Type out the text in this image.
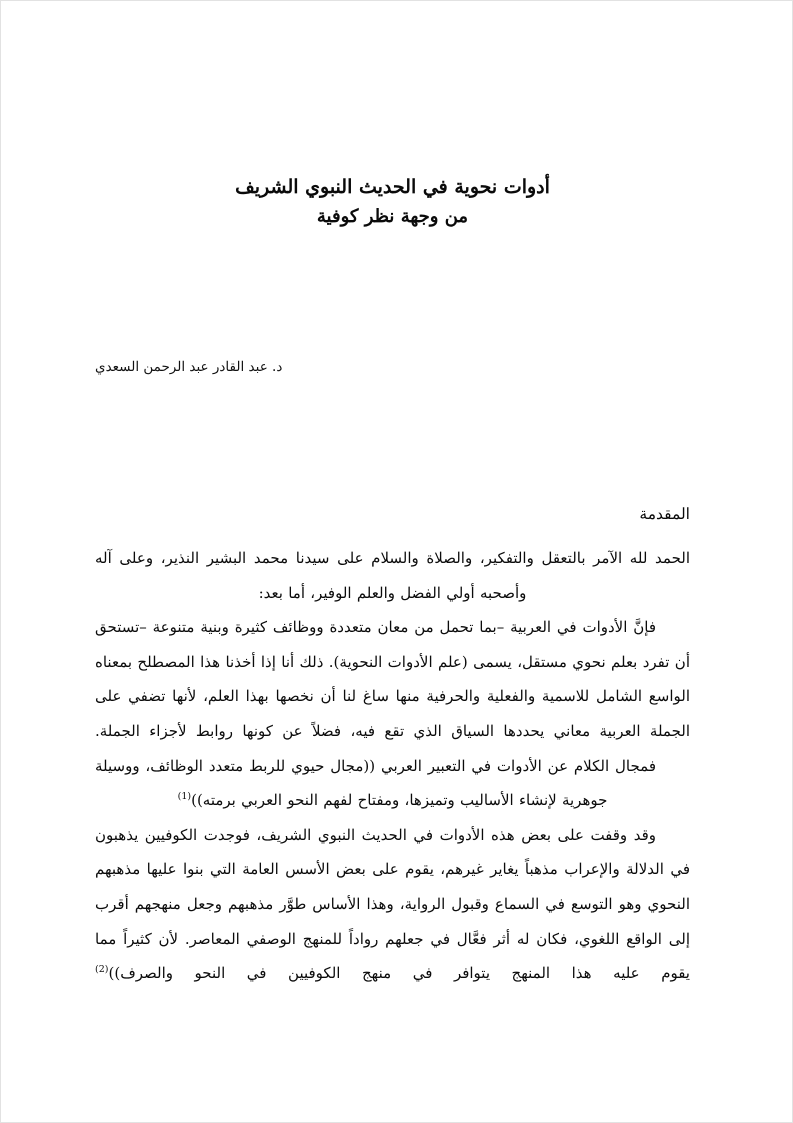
أدوات نحوية في الحديث النبوي الشريف
من وجهة نظر كوفية
د. عبد القادر عبد الرحمن السعدي
المقدمة

الحمد لله الآمر بالتعقل والتفكير، والصلاة والسلام على سيدنا محمد البشير النذير، وعلى آله وأصحبه أولي الفضل والعلم الوفير، أما بعد:

فإنَّ الأدوات في العربية –بما تحمل من معان متعددة ووظائف كثيرة وبنية متنوعة –تستحق أن تفرد بعلم نحوي مستقل، يسمى (علم الأدوات النحوية). ذلك أنا إذا أخذنا هذا المصطلح بمعناه الواسع الشامل للاسمية والفعلية والحرفية منها ساغ لنا أن نخصها بهذا العلم، لأنها تضفي على الجملة العربية معاني يحددها السياق الذي تقع فيه، فضلاً عن كونها روابط لأجزاء الجملة.

فمجال الكلام عن الأدوات في التعبير العربي ((مجال حيوي للربط متعدد الوظائف، ووسيلة جوهرية لإنشاء الأساليب وتميزها، ومفتاح لفهم النحو العربي برمته))$^{(1)}$

وقد وقفت على بعض هذه الأدوات في الحديث النبوي الشريف، فوجدت الكوفيين يذهبون في الدلالة والإعراب مذهباً يغاير غيرهم، يقوم على بعض الأسس العامة التي بنوا عليها مذهبهم النحوي وهو التوسع في السماع وقبول الرواية، وهذا الأساس طوَّر مذهبهم وجعل منهجهم أقرب إلى الواقع اللغوي، فكان له أثر فعَّال في جعلهم رواداً للمنهج الوصفي المعاصر. لأن كثيراً مما يقوم عليه هذا المنهج يتوافر في منهج الكوفيين في النحو والصرف))$^{(2)}$
